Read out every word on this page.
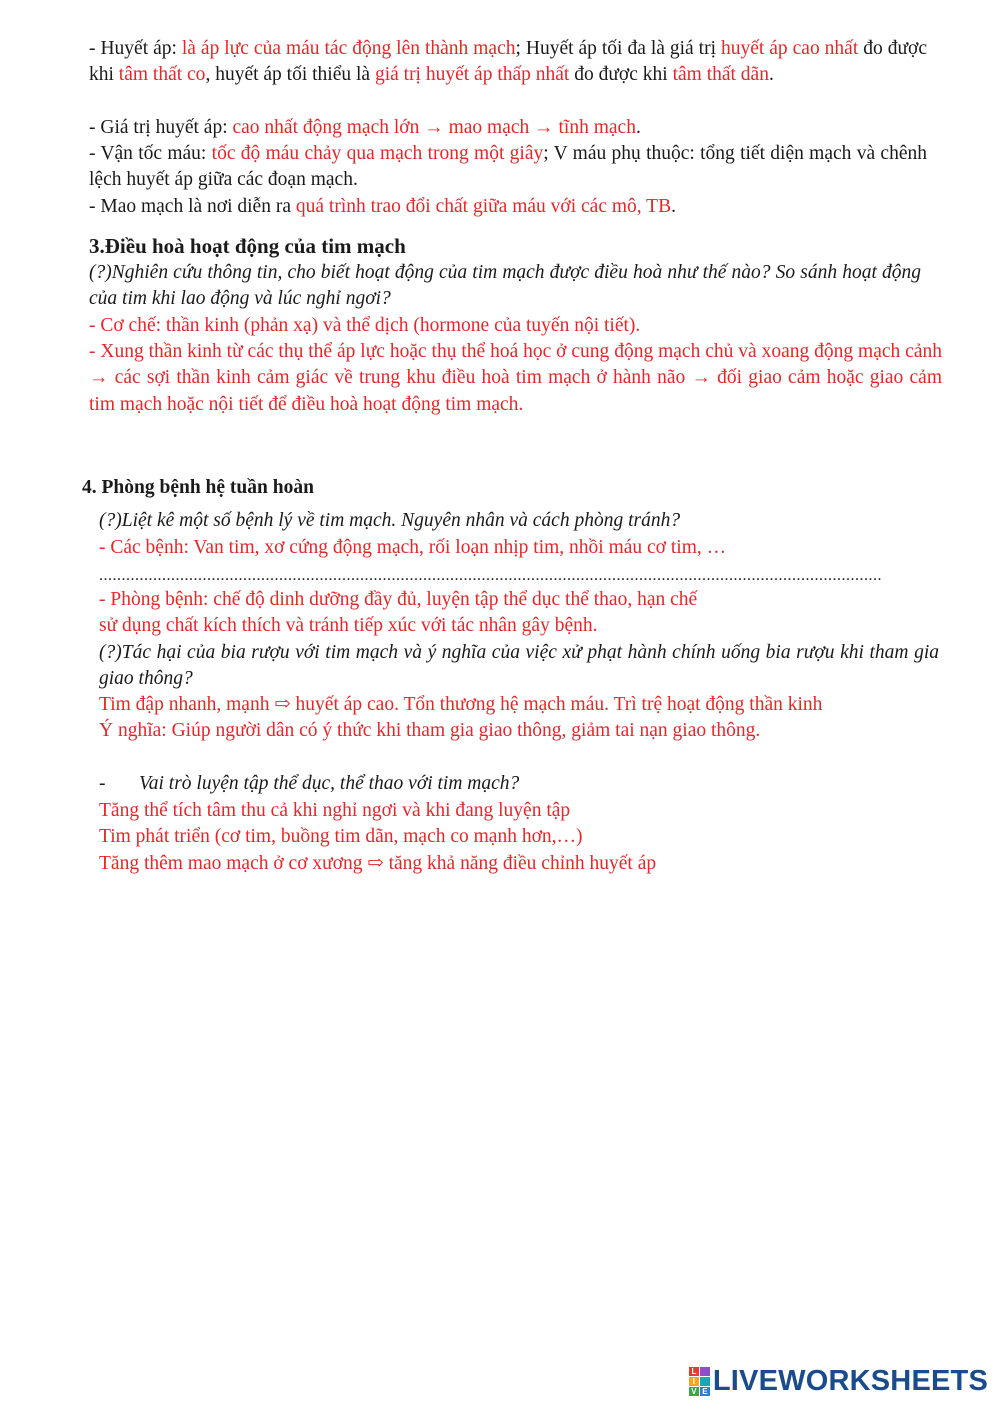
- Huyết áp: là áp lực của máu tác động lên thành mạch; Huyết áp tối đa là giá trị huyết áp cao nhất đo được khi tâm thất co, huyết áp tối thiểu là giá trị huyết áp thấp nhất đo được khi tâm thất dãn.
- Giá trị huyết áp: cao nhất động mạch lớn → mao mạch → tĩnh mạch.
- Vận tốc máu: tốc độ máu chảy qua mạch trong một giây; V máu phụ thuộc: tổng tiết diện mạch và chênh lệch huyết áp giữa các đoạn mạch.
- Mao mạch là nơi diễn ra quá trình trao đổi chất giữa máu với các mô, TB.
3.Điều hoà hoạt động của tim mạch
(?)Nghiên cứu thông tin, cho biết hoạt động của tim mạch được điều hoà như thế nào? So sánh hoạt động của tim khi lao động và lúc nghỉ ngơi?
- Cơ chế: thần kinh (phản xạ) và thể dịch (hormone của tuyến nội tiết).
- Xung thần kinh từ các thụ thể áp lực hoặc thụ thể hoá học ở cung động mạch chủ và xoang động mạch cảnh → các sợi thần kinh cảm giác về trung khu điều hoà tim mạch ở hành não → đối giao cảm hoặc giao cảm tim mạch hoặc nội tiết để điều hoà hoạt động tim mạch.
4. Phòng bệnh hệ tuần hoàn
(?)Liệt kê một số bệnh lý về tim mạch. Nguyên nhân và cách phòng tránh?
- Các bệnh: Van tim, xơ cứng động mạch, rối loạn nhịp tim, nhồi máu cơ tim, …
..............................................................................................................................................................................
- Phòng bệnh: chế độ dinh dưỡng đầy đủ, luyện tập thể dục thể thao, hạn chế
sử dụng chất kích thích và tránh tiếp xúc với tác nhân gây bệnh.
(?)Tác hại của bia rượu với tim mạch và ý nghĩa của việc xử phạt hành chính uống bia rượu khi tham gia giao thông?
Tim đập nhanh, mạnh ⇨ huyết áp cao. Tổn thương hệ mạch máu. Trì trệ hoạt động thần kinh
Ý nghĩa: Giúp người dân có ý thức khi tham gia giao thông, giảm tai nạn giao thông.
- Vai trò luyện tập thể dục, thể thao với tim mạch?
Tăng thể tích tâm thu cả khi nghỉ ngơi và khi đang luyện tập
Tim phát triển (cơ tim, buồng tim dãn, mạch co mạnh hơn,…)
Tăng thêm mao mạch ở cơ xương ⇨ tăng khả năng điều chỉnh huyết áp
L
I
V E LIVEWORKSHEETS
